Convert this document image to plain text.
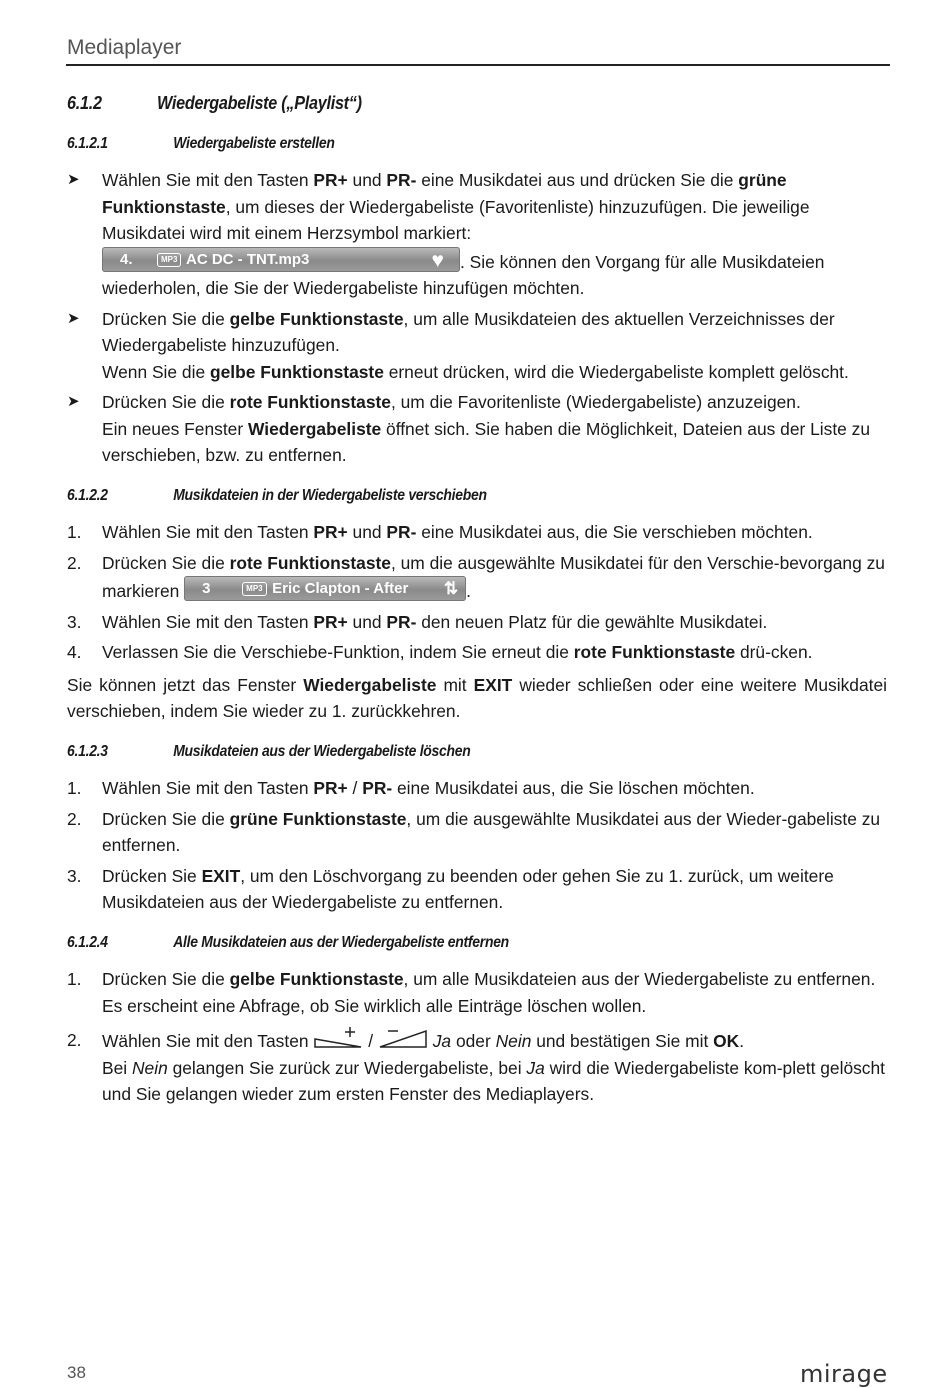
Mediaplayer
6.1.2	Wiedergabeliste („Playlist“)
6.1.2.1	Wiedergabeliste erstellen
➤	Wählen Sie mit den Tasten PR+ und PR- eine Musikdatei aus und drücken Sie die grüne Funktionstaste, um dieses der Wiedergabeliste (Favoritenliste) hinzuzufügen. Die jeweilige Musikdatei wird mit einem Herzsymbol markiert:

4.	MP3 AC DC - TNT.mp3	♥ . Sie können den Vorgang für alle Musikdateien wiederholen, die Sie der Wiedergabeliste hinzufügen möchten.
➤	Drücken Sie die gelbe Funktionstaste, um alle Musikdateien des aktuellen Verzeichnisses der Wiedergabeliste hinzuzufügen.
Wenn Sie die gelbe Funktionstaste erneut drücken, wird die Wiedergabeliste komplett gelöscht.
➤	Drücken Sie die rote Funktionstaste, um die Favoritenliste (Wiedergabeliste) anzuzeigen.
Ein neues Fenster Wiedergabeliste öffnet sich. Sie haben die Möglichkeit, Dateien aus der Liste zu verschieben, bzw. zu entfernen.
6.1.2.2	Musikdateien in der Wiedergabeliste verschieben
1.	Wählen Sie mit den Tasten PR+ und PR- eine Musikdatei aus, die Sie verschieben möchten.
2.	Drücken Sie die rote Funktionstaste, um die ausgewählte Musikdatei für den Verschie-bevorgang zu markieren 3	MP3 Eric Clapton - After ⇅ .
3.	Wählen Sie mit den Tasten PR+ und PR- den neuen Platz für die gewählte Musikdatei.
4.	Verlassen Sie die Verschiebe-Funktion, indem Sie erneut die rote Funktionstaste drü-cken.

Sie können jetzt das Fenster Wiedergabeliste mit EXIT wieder schließen oder eine weitere Musikdatei verschieben, indem Sie wieder zu 1. zurückkehren.

6.1.2.3	Musikdateien aus der Wiedergabeliste löschen
1.	Wählen Sie mit den Tasten PR+ / PR- eine Musikdatei aus, die Sie löschen möchten.
2.	Drücken Sie die grüne Funktionstaste, um die ausgewählte Musikdatei aus der Wieder-gabeliste zu entfernen.
3.	Drücken Sie EXIT, um den Löschvorgang zu beenden oder gehen Sie zu 1. zurück, um weitere Musikdateien aus der Wiedergabeliste zu entfernen.
6.1.2.4	Alle Musikdateien aus der Wiedergabeliste entfernen
1.	Drücken Sie die gelbe Funktionstaste, um alle Musikdateien aus der Wiedergabeliste zu entfernen.
Es erscheint eine Abfrage, ob Sie wirklich alle Einträge löschen wollen.
2.	Wählen Sie mit den Tasten	/	Ja oder Nein und bestätigen Sie mit OK.
Bei Nein gelangen Sie zurück zur Wiedergabeliste, bei Ja wird die Wiedergabeliste kom-plett gelöscht und Sie gelangen wieder zum ersten Fenster des Mediaplayers.
38	mirage
